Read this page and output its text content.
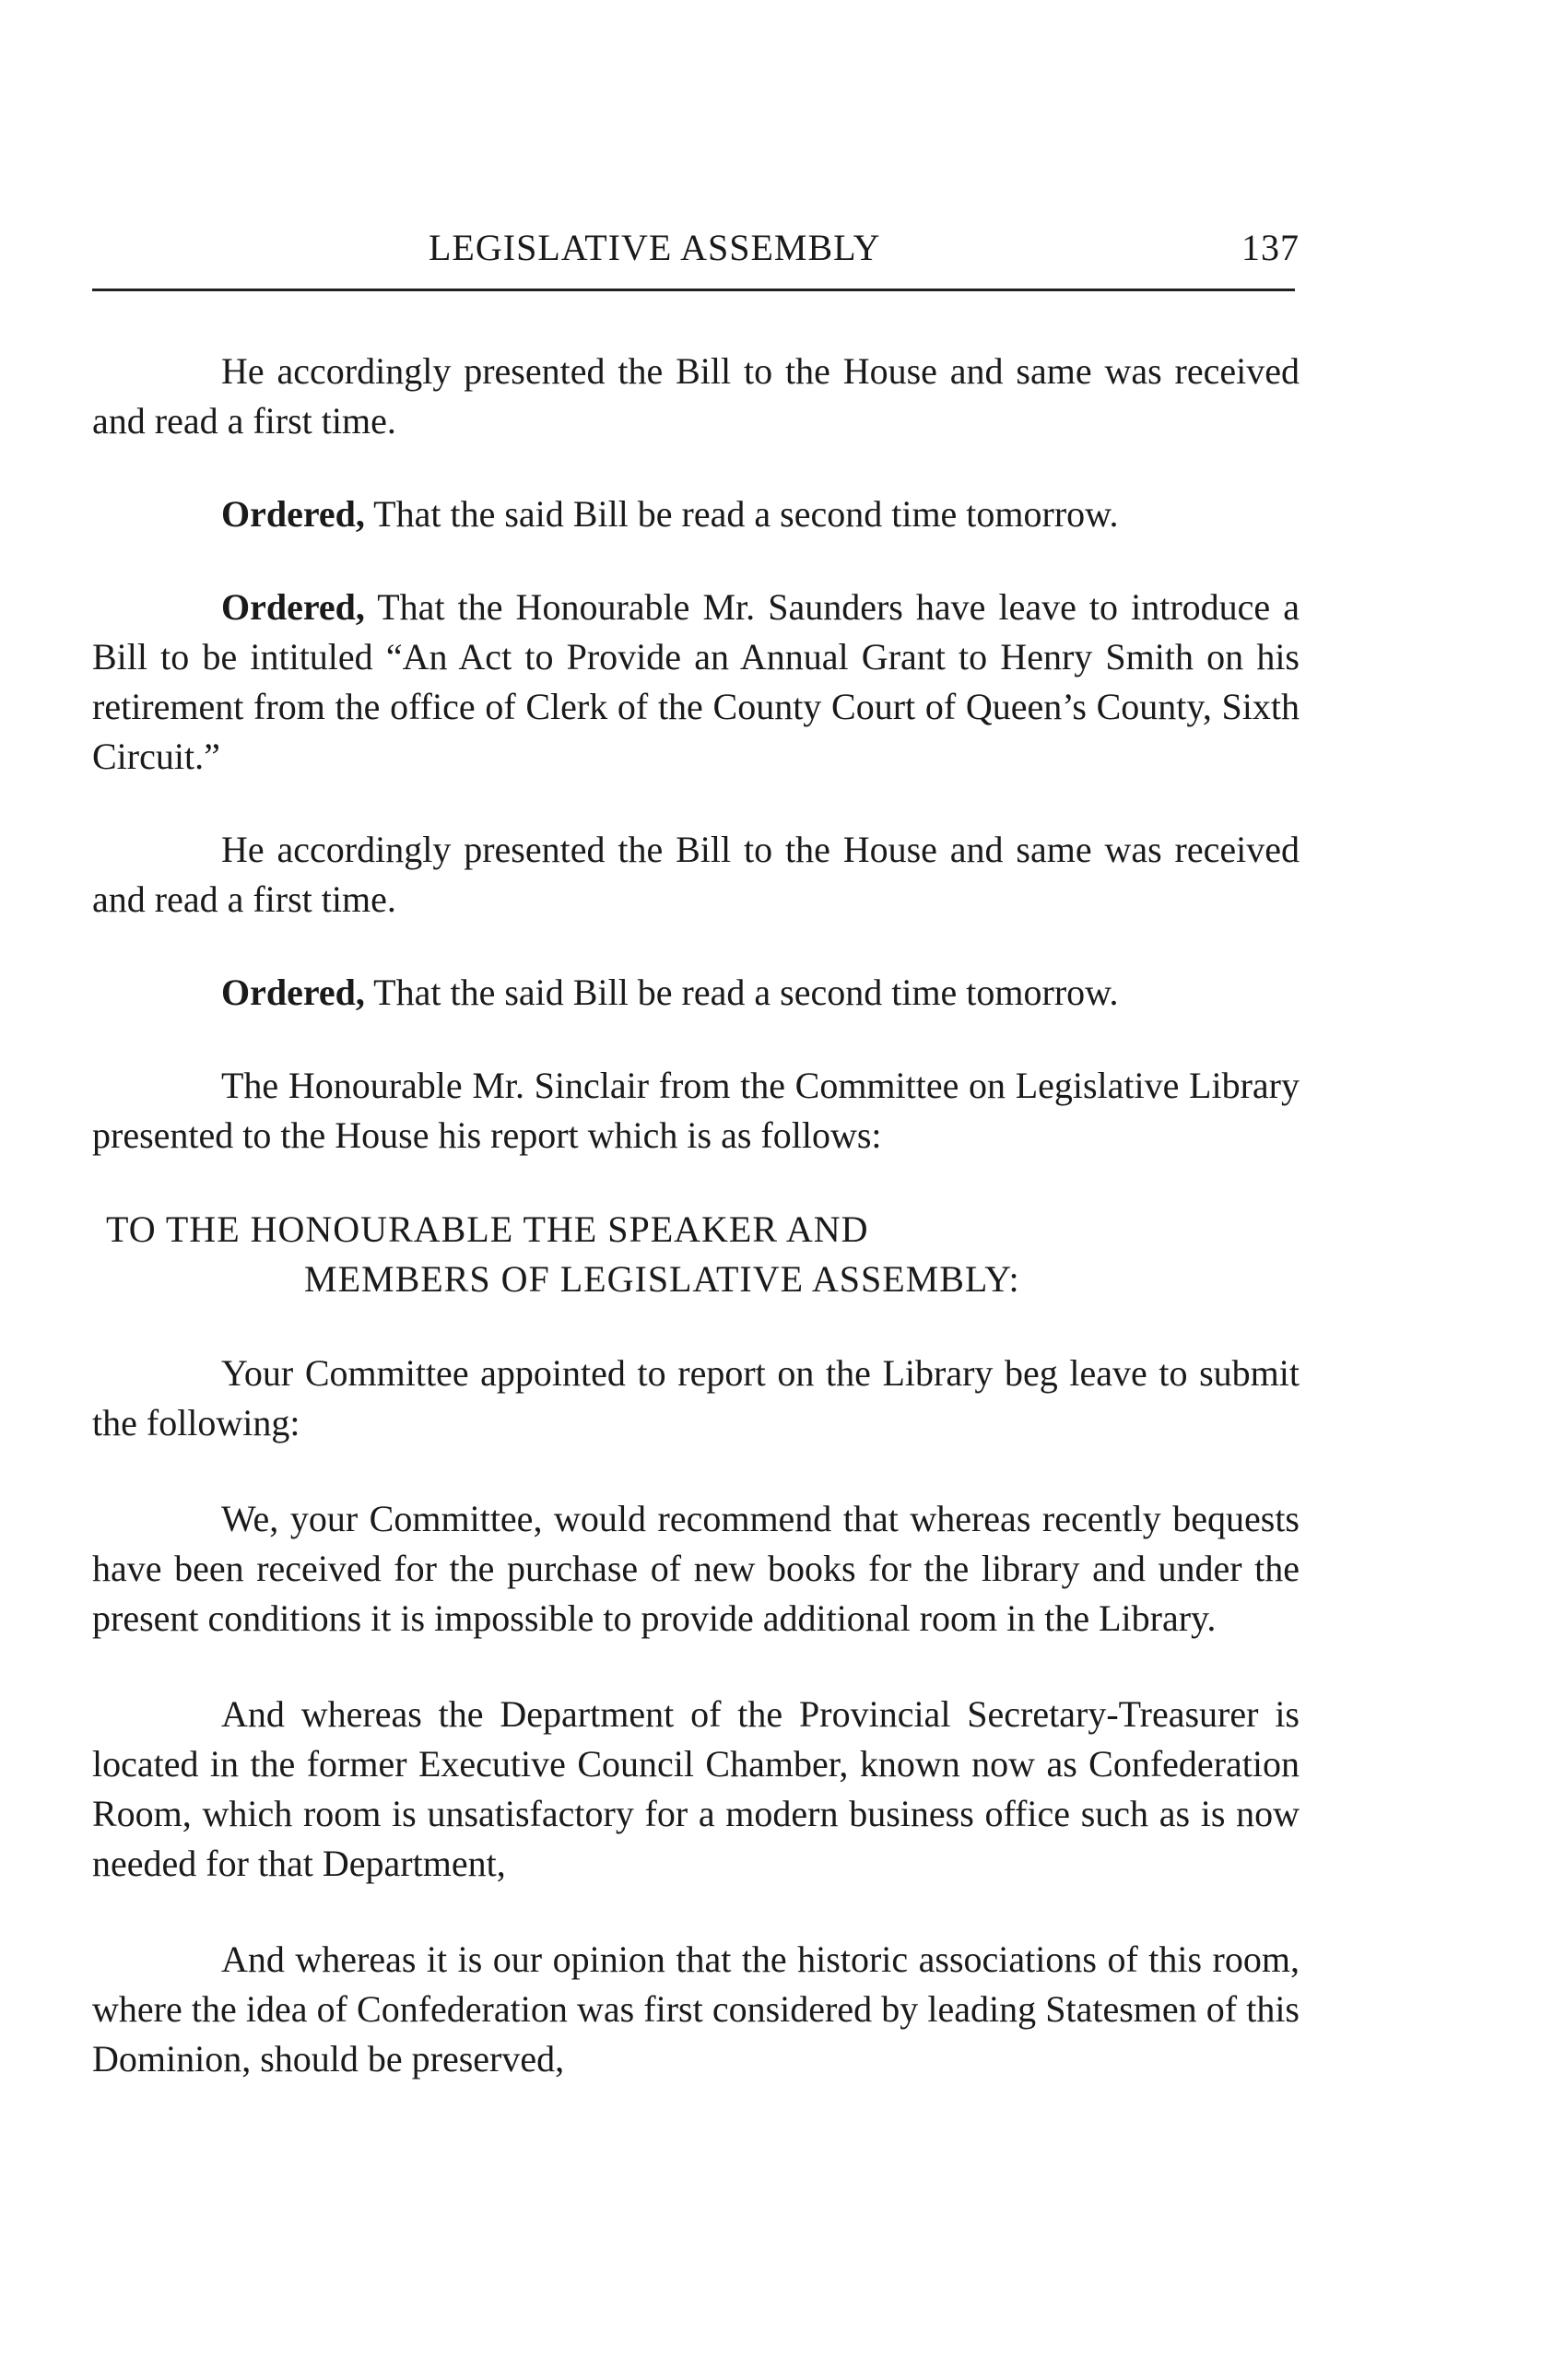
LEGISLATIVE ASSEMBLY	137

He accordingly presented the Bill to the House and same was received and read a first time.

Ordered, That the said Bill be read a second time tomorrow.

Ordered, That the Honourable Mr. Saunders have leave to introduce a Bill to be intituled “An Act to Provide an Annual Grant to Henry Smith on his retirement from the office of Clerk of the County Court of Queen’s County, Sixth Circuit.”

He accordingly presented the Bill to the House and same was received and read a first time.

Ordered, That the said Bill be read a second time tomorrow.

The Honourable Mr. Sinclair from the Committee on Legislative Library presented to the House his report which is as follows:

TO THE HONOURABLE THE SPEAKER AND
MEMBERS OF LEGISLATIVE ASSEMBLY:

Your Committee appointed to report on the Library beg leave to submit the following:

We, your Committee, would recommend that whereas recently bequests have been received for the purchase of new books for the library and under the present conditions it is impossible to provide additional room in the Library.

And whereas the Department of the Provincial Secretary-Treasurer is located in the former Executive Council Chamber, known now as Confederation Room, which room is unsatisfactory for a modern business office such as is now needed for that Department,

And whereas it is our opinion that the historic associations of this room, where the idea of Confederation was first considered by leading Statesmen of this Dominion, should be preserved,
